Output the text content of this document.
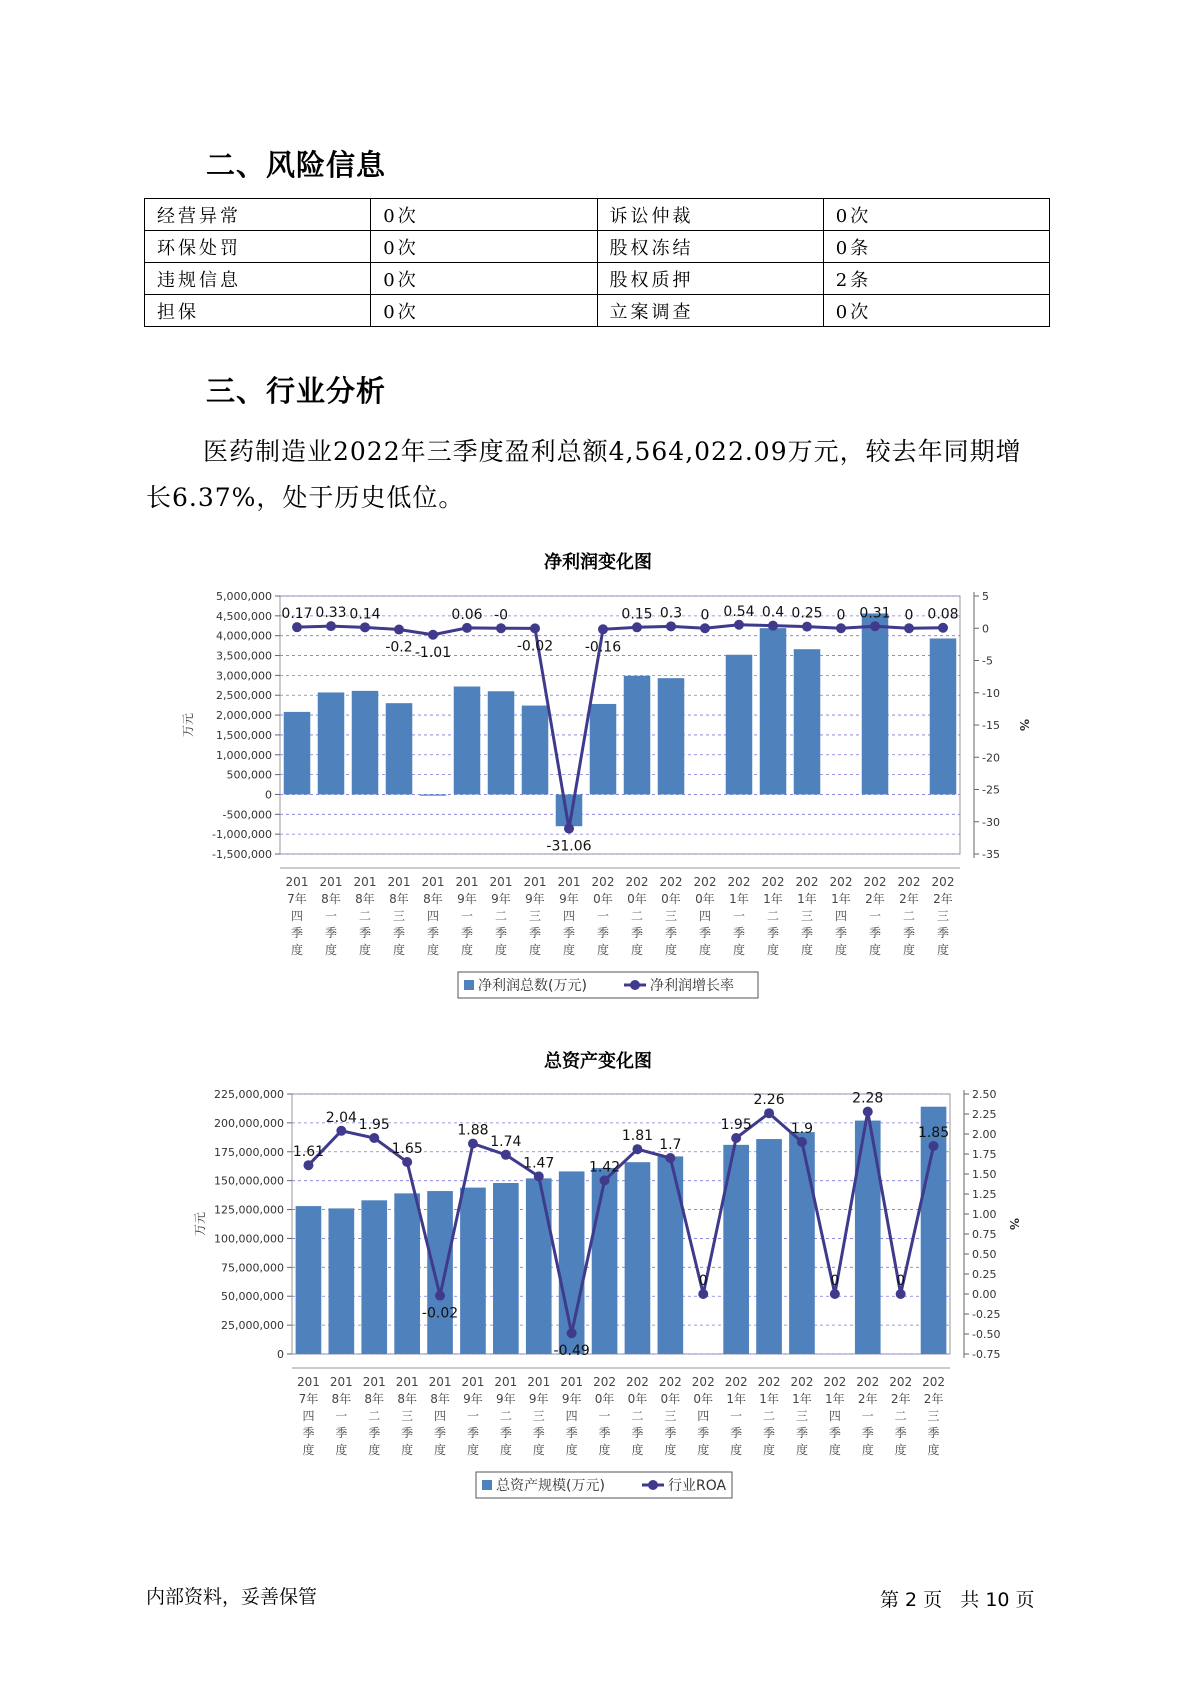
二、风险信息
经营异常	0次	诉讼仲裁	0次
环保处罚	0次	股权冻结	0条
违规信息	0次	股权质押	2条
担保	0次	立案调查	0次
三、行业分析
医药制造业2022年三季度盈利总额4,564,022.09万元，较去年同期增
长6.37%，处于历史低位。
净利润变化图
5,000,000
4,500,000
4,000,000
3,500,000
3,000,000
2,500,000
2,000,000
1,500,000
1,000,000
500,000
0
-500,000
-1,000,000
-1,500,000
5
0
-5
-10
-15
-20
-25
-30
-35
万元	%
201
7年
四
季
度
201
8年
一
季
度
201
8年
二
季
度
201
8年
三
季
度
201
8年
四
季
度
201
9年
一
季
度
201
9年
二
季
度
201
9年
三
季
度
201
9年
四
季
度
202
0年
一
季
度
202
0年
二
季
度
202
0年
三
季
度
202
0年
四
季
度
202
1年
一
季
度
202
1年
二
季
度
202
1年
三
季
度
202
1年
四
季
度
202
2年
一
季
度
202
2年
二
季
度
202
2年
三
季
度
0.17 0.33 0.14
-0.2 -1.01
0.06 -0
-0.02
-31.06
-0.16
0.15 0.3 0 0.54 0.4 0.25 0 0.31 0 0.08
净利润总数(万元)	净利润增长率
总资产变化图
225,000,000
200,000,000
175,000,000
150,000,000
125,000,000
100,000,000
75,000,000
50,000,000
25,000,000
0
2.50
2.25
2.00
1.75
1.50
1.25
1.00
0.75
0.50
0.25
0.00
-0.25
-0.50
-0.75
万元	%
201
7年
四
季
度
201
8年
一
季
度
201
8年
二
季
度
201
8年
三
季
度
201
8年
四
季
度
201
9年
一
季
度
201
9年
二
季
度
201
9年
三
季
度
201
9年
四
季
度
202
0年
一
季
度
202
0年
二
季
度
202
0年
三
季
度
202
0年
四
季
度
202
1年
一
季
度
202
1年
二
季
度
202
1年
三
季
度
202
1年
四
季
度
202
2年
一
季
度
202
2年
二
季
度
202
2年
三
季
度
1.61
2.04 1.95
1.65
-0.02
1.88
1.74
1.47
-0.49
1.42
1.81
1.7
0
1.95
2.26
1.9
0
2.28
0
1.85
总资产规模(万元)	行业ROA
内部资料，妥善保管	第 2 页   共 10 页
